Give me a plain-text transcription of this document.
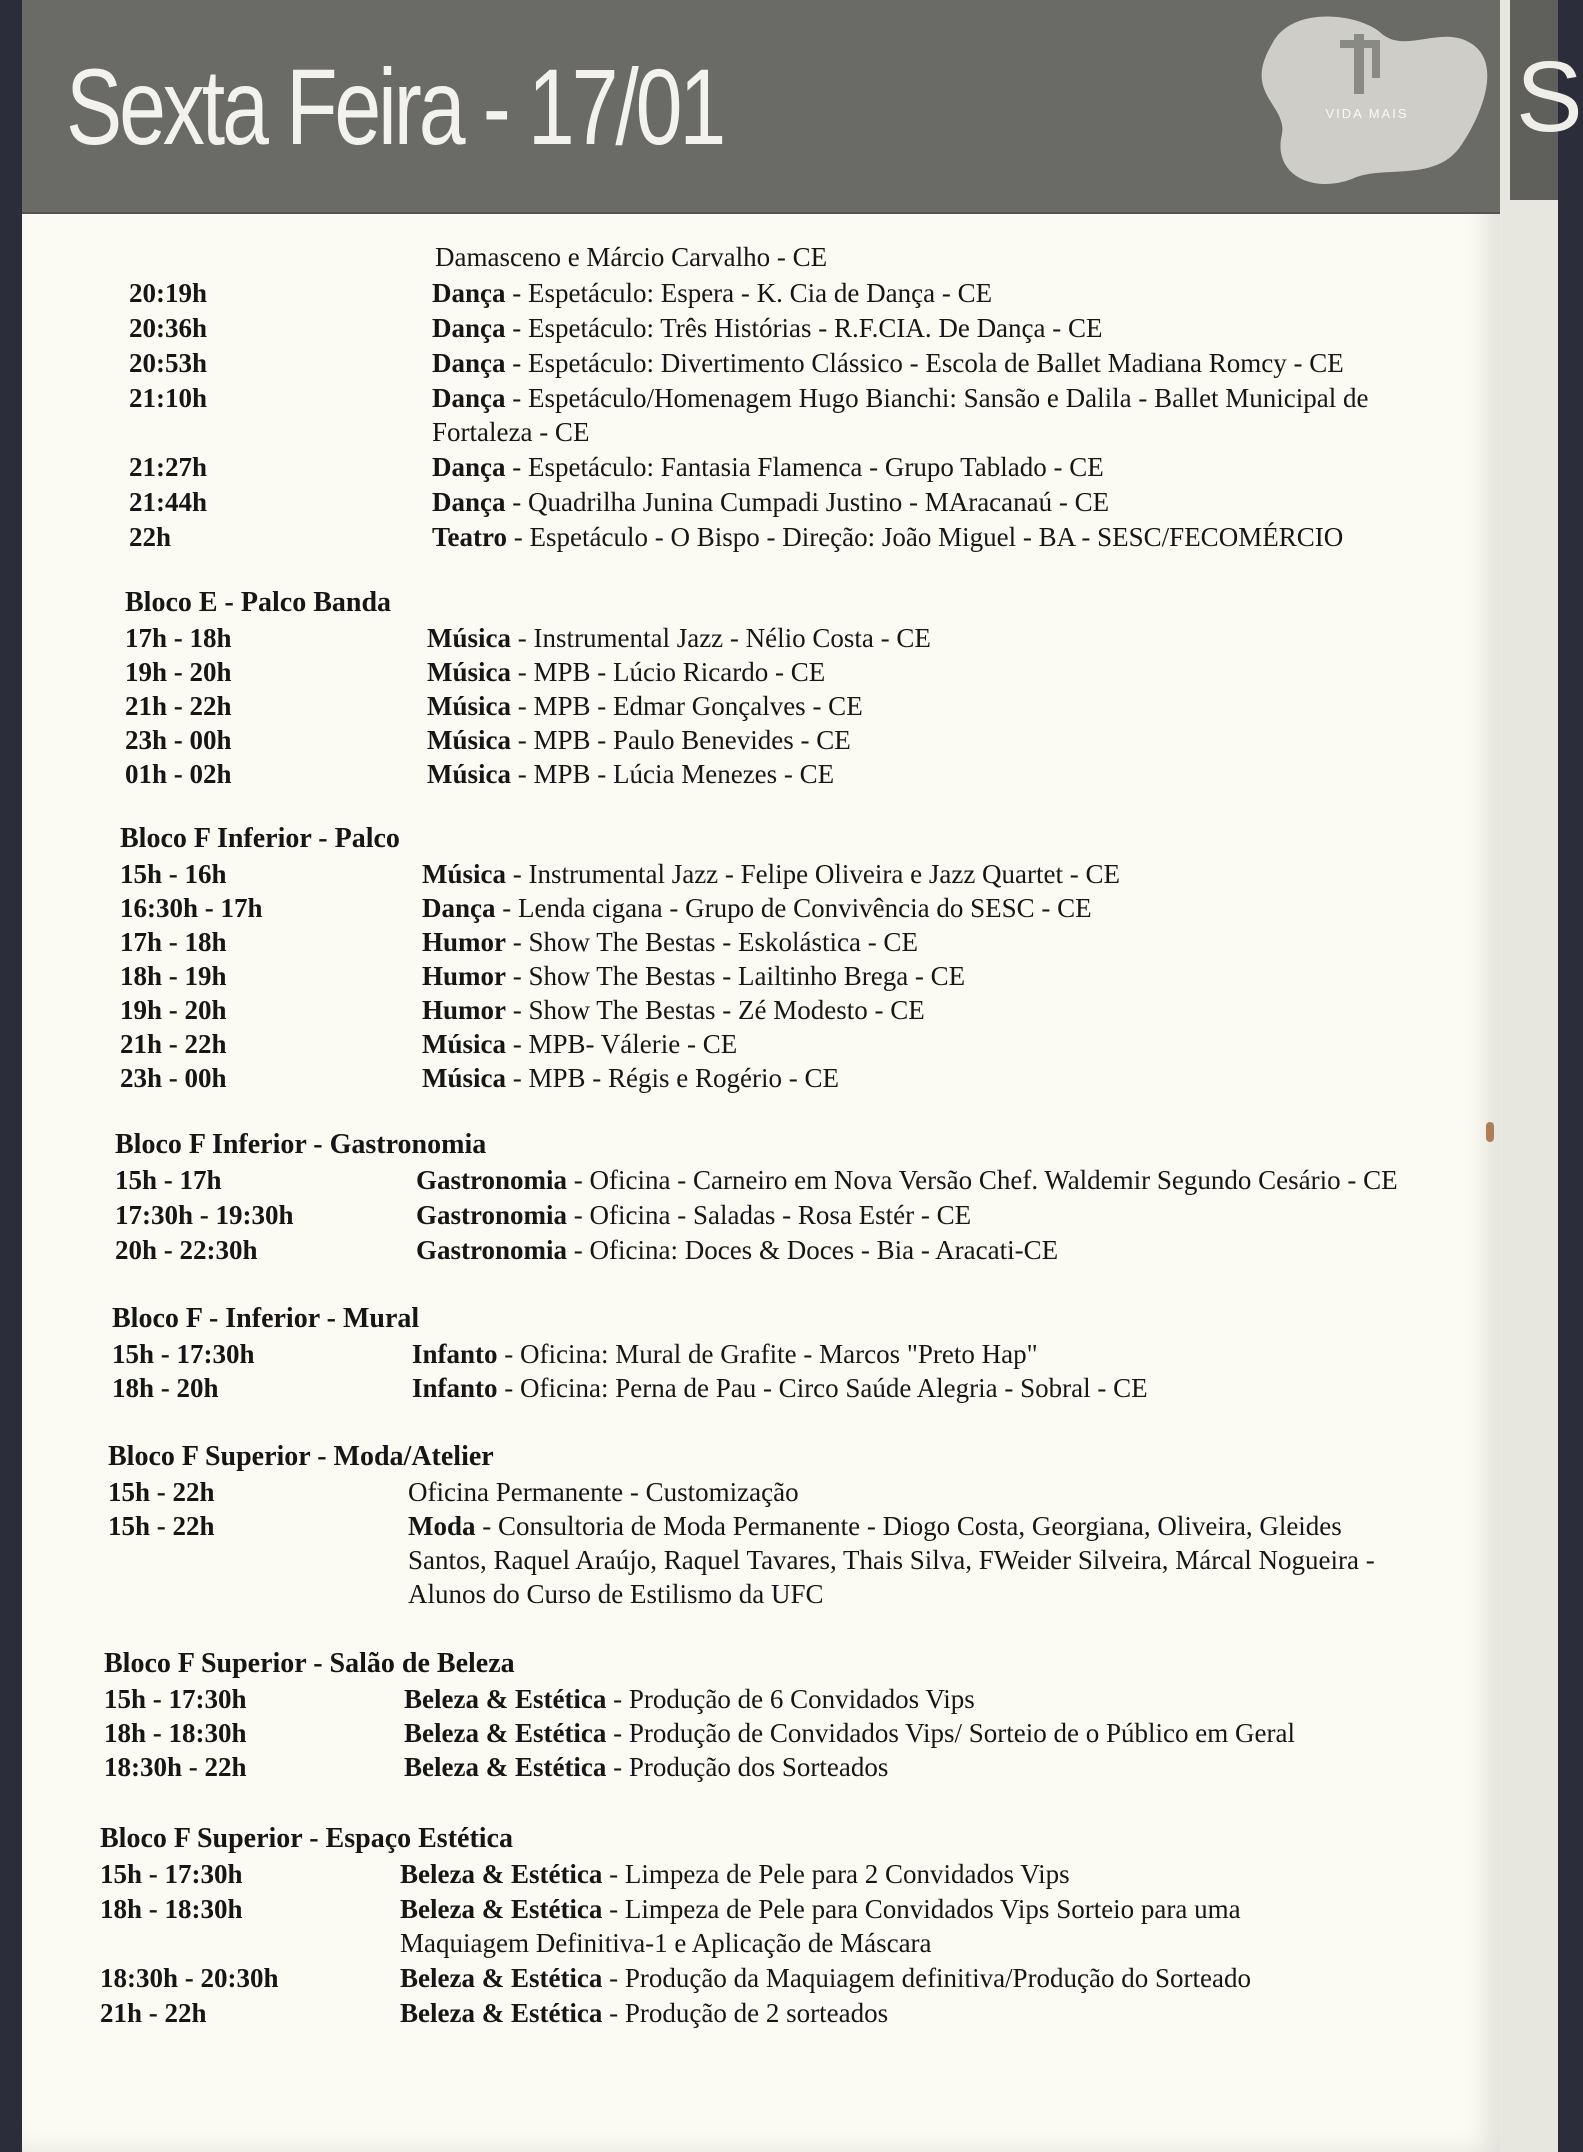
S
Sexta Feira - 17/01	VIDA MAIS
Damasceno e Márcio Carvalho - CE
20:19h	Dança - Espetáculo: Espera - K. Cia de Dança - CE
20:36h	Dança - Espetáculo: Três Histórias - R.F.CIA. De Dança - CE
20:53h	Dança - Espetáculo: Divertimento Clássico - Escola de Ballet Madiana Romcy - CE
21:10h	Dança - Espetáculo/Homenagem Hugo Bianchi: Sansão e Dalila - Ballet Municipal de
Fortaleza - CE
21:27h	Dança - Espetáculo: Fantasia Flamenca - Grupo Tablado - CE
21:44h	Dança - Quadrilha Junina Cumpadi Justino - MAracanaú - CE
22h	Teatro - Espetáculo - O Bispo - Direção: João Miguel - BA - SESC/FECOMÉRCIO
Bloco E - Palco Banda
17h - 18h	Música - Instrumental Jazz - Nélio Costa - CE
19h - 20h	Música - MPB - Lúcio Ricardo - CE
21h - 22h	Música - MPB - Edmar Gonçalves - CE
23h - 00h	Música - MPB - Paulo Benevides - CE
01h - 02h	Música - MPB - Lúcia Menezes - CE
Bloco F Inferior - Palco
15h - 16h	Música - Instrumental Jazz - Felipe Oliveira e Jazz Quartet - CE
16:30h - 17h	Dança - Lenda cigana - Grupo de Convivência do SESC - CE
17h - 18h	Humor - Show The Bestas - Eskolástica - CE
18h - 19h	Humor - Show The Bestas - Lailtinho Brega - CE
19h - 20h	Humor - Show The Bestas - Zé Modesto - CE
21h - 22h	Música - MPB- Válerie - CE
23h - 00h	Música - MPB - Régis e Rogério - CE
Bloco F Inferior - Gastronomia
15h - 17h	Gastronomia - Oficina - Carneiro em Nova Versão Chef. Waldemir Segundo Cesário - CE
17:30h - 19:30h	Gastronomia - Oficina - Saladas - Rosa Estér - CE
20h - 22:30h	Gastronomia - Oficina: Doces & Doces - Bia - Aracati-CE
Bloco F - Inferior - Mural
15h - 17:30h	Infanto - Oficina: Mural de Grafite - Marcos "Preto Hap"
18h - 20h	Infanto - Oficina: Perna de Pau - Circo Saúde Alegria - Sobral - CE
Bloco F Superior - Moda/Atelier
15h - 22h	Oficina Permanente - Customização
15h - 22h	Moda - Consultoria de Moda Permanente - Diogo Costa, Georgiana, Oliveira, Gleides
Santos, Raquel Araújo, Raquel Tavares, Thais Silva, FWeider Silveira, Márcal Nogueira -
Alunos do Curso de Estilismo da UFC
Bloco F Superior - Salão de Beleza
15h - 17:30h	Beleza & Estética - Produção de 6 Convidados Vips
18h - 18:30h	Beleza & Estética - Produção de Convidados Vips/ Sorteio de o Público em Geral
18:30h - 22h	Beleza & Estética - Produção dos Sorteados
Bloco F Superior - Espaço Estética
15h - 17:30h	Beleza & Estética - Limpeza de Pele para 2 Convidados Vips
18h - 18:30h	Beleza & Estética - Limpeza de Pele para Convidados Vips Sorteio para uma
Maquiagem Definitiva-1 e Aplicação de Máscara
18:30h - 20:30h	Beleza & Estética - Produção da Maquiagem definitiva/Produção do Sorteado
21h - 22h	Beleza & Estética - Produção de 2 sorteados
